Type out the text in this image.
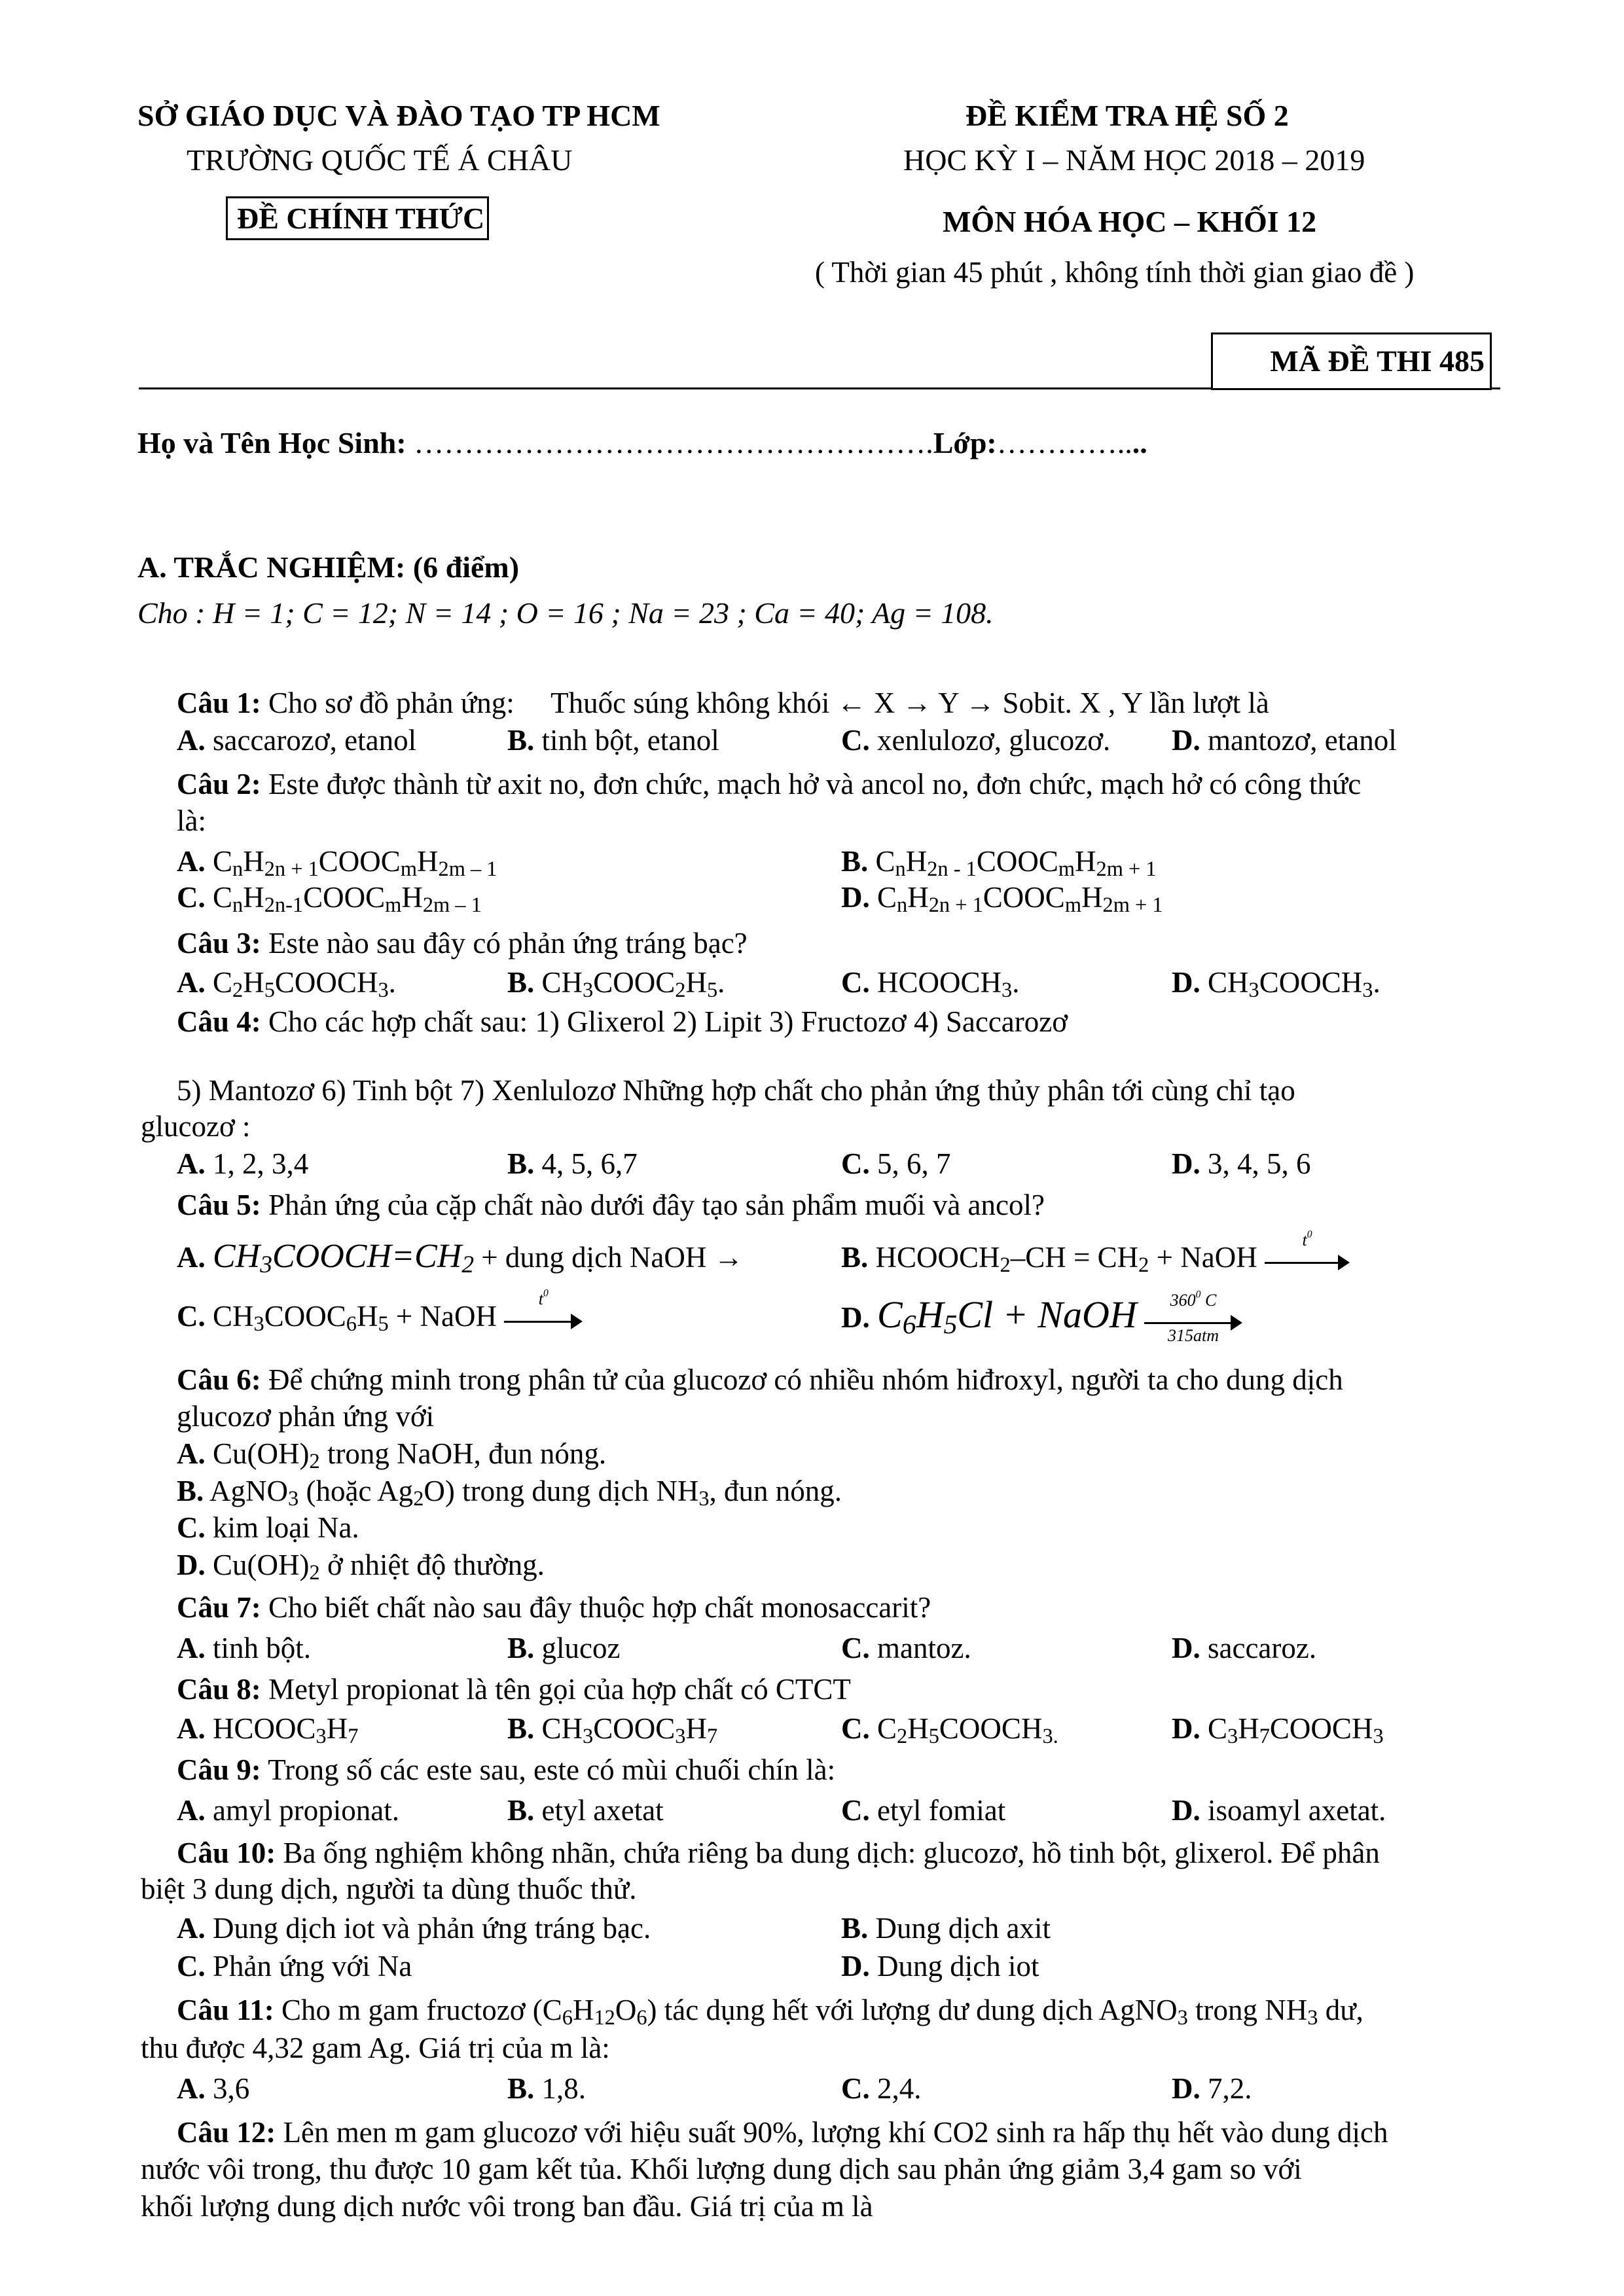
SỞ GIÁO DỤC VÀ ĐÀO TẠO TP HCM
TRƯỜNG QUỐC TẾ Á CHÂU
ĐỀ CHÍNH THỨC
ĐỀ KIỂM TRA HỆ SỐ 2
HỌC KỲ I – NĂM HỌC 2018 – 2019
MÔN HÓA HỌC – KHỐI 12
( Thời gian 45 phút , không tính thời gian giao đề )
MÃ ĐỀ THI 485
Họ và Tên Học Sinh: …………………………………………….Lớp:…………....
A. TRẮC NGHIỆM: (6 điểm)
Cho : H = 1; C = 12; N = 14 ; O = 16 ; Na = 23 ; Ca = 40; Ag = 108.
Câu 1: Cho sơ đồ phản ứng: Thuốc súng không khói ← X → Y → Sobit. X , Y lần lượt là
A. saccarozơ, etanol	B. tinh bột, etanol	C. xenlulozơ, glucozơ. D. mantozơ, etanol
Câu 2: Este được thành từ axit no, đơn chức, mạch hở và ancol no, đơn chức, mạch hở có công thức
là:
A. $C_nH_{2n + 1}COOC_mH_{2m - 1}$	B. $C_nH_{2n - 1}COOC_mH_{2m + 1}$
C. $C_nH_{2n-1}COOC_mH_{2m - 1}$	D. $C_nH_{2n + 1}COOC_mH_{2m + 1}$
Câu 3: Este nào sau đây có phản ứng tráng bạc?
A. $C_2H_5COOCH_3$.	B. $CH_3COOC_2H_5$.	C. $HCOOCH_3$.	D. $CH_3COOCH_3$.
Câu 4: Cho các hợp chất sau: 1) Glixerol 2) Lipit 3) Fructozơ 4) Saccarozơ
5) Mantozơ 6) Tinh bột 7) Xenlulozơ Những hợp chất cho phản ứng thủy phân tới cùng chỉ tạo
glucozơ :
A. 1, 2, 3,4	B. 4, 5, 6,7	C. 5, 6, 7	D. 3, 4, 5, 6
Câu 5: Phản ứng của cặp chất nào dưới đây tạo sản phẩm muối và ancol?
A. $CH_3COOCH=CH_2$ + dung dịch NaOH →	B. $HCOOCH_2-CH = CH_2$ + NaOH
$t^0$
C. $CH_3COOC_6H_5$ + NaOH
$t^0$
D. $C_6H_5Cl$ + NaOH	$360^0$ C
315atm
Câu 6: Để chứng minh trong phân tử của glucozơ có nhiều nhóm hiđroxyl, người ta cho dung dịch
glucozơ phản ứng với
A. $Cu(OH)_2$ trong NaOH, đun nóng.
B. AgNO$_3$ (hoặc $Ag_2O$) trong dung dịch $NH_3$, đun nóng.
C. kim loại Na.
D. $Cu(OH)_2$ ở nhiệt độ thường.
Câu 7: Cho biết chất nào sau đây thuộc hợp chất monosaccarit?
A. tinh bột.	B. glucoz	C. mantoz.	D. saccaroz.
Câu 8: Metyl propionat là tên gọi của hợp chất có CTCT
A. $HCOOC_3H_7$	B. $CH_3COOC_3H_7$	C. $C_2H_5COOCH_{3.}$	D. $C_3H_7COOCH_3$
Câu 9: Trong số các este sau, este có mùi chuối chín là:
A. amyl propionat.	B. etyl axetat	C. etyl fomiat	D. isoamyl axetat.
Câu 10: Ba ống nghiệm không nhãn, chứa riêng ba dung dịch: glucozơ, hồ tinh bột, glixerol. Để phân
biệt 3 dung dịch, người ta dùng thuốc thử.
A. Dung dịch iot và phản ứng tráng bạc.	B. Dung dịch axit
C. Phản ứng với Na	D. Dung dịch iot
Câu 11: Cho m gam fructozơ $(C_6H_{12}O_6)$ tác dụng hết với lượng dư dung dịch AgNO$_3$ trong $NH_3$ dư,
thu được 4,32 gam Ag. Giá trị của m là:
A. 3,6	B. 1,8.	C. 2,4.	D. 7,2.
Câu 12: Lên men m gam glucozơ với hiệu suất 90%, lượng khí CO2 sinh ra hấp thụ hết vào dung dịch
nước vôi trong, thu được 10 gam kết tủa. Khối lượng dung dịch sau phản ứng giảm 3,4 gam so với
khối lượng dung dịch nước vôi trong ban đầu. Giá trị của m là
